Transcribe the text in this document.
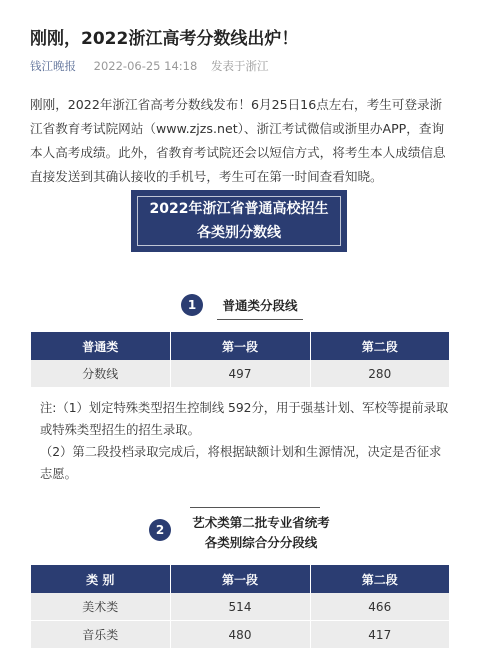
刚刚，2022浙江高考分数线出炉！
钱江晚报 2022-06-25 14:18 发表于浙江
刚刚，2022年浙江省高考分数线发布！6月25日16点左右，考生可登录浙江省教育考试院网站（www.zjzs.net）、浙江考试微信或浙里办APP，查询本人高考成绩。此外，省教育考试院还会以短信方式，将考生本人成绩信息直接发送到其确认接收的手机号，考生可在第一时间查看知晓。
2022年浙江省普通高校招生
各类别分数线
1	普通类分段线
普通类	第一段	第二段
分数线	497	280
注:（1）划定特殊类型招生控制线 592分，用于强基计划、军校等提前录取或特殊类型招生的招生录取。
（2）第二段投档录取完成后，将根据缺额计划和生源情况，决定是否征求志愿。
2	艺术类第二批专业省统考
各类别综合分分段线
类 别	第一段	第二段
美术类	514	466
音乐类	480	417
